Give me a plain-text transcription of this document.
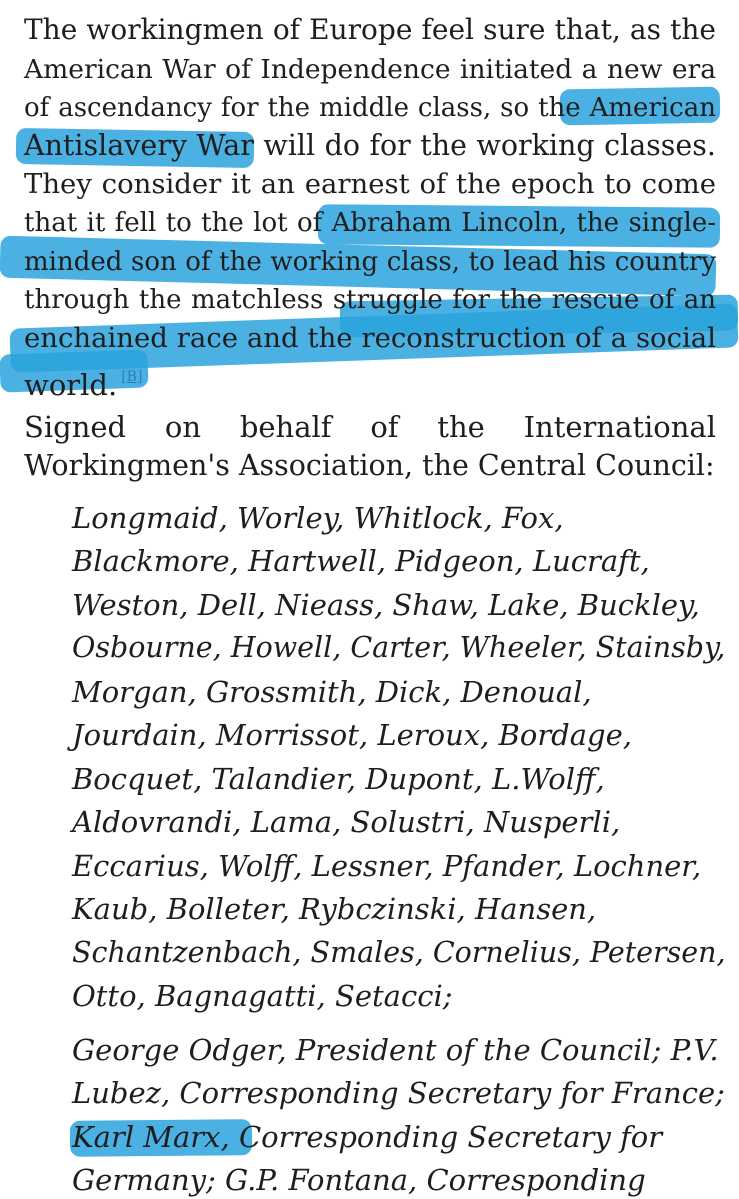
The workingmen of Europe feel sure that, as the
American War of Independence initiated a new era
of ascendancy for the middle class, so the American
Antislavery War will do for the working classes.
They consider it an earnest of the epoch to come
that it fell to the lot of Abraham Lincoln, the single-
minded son of the working class, to lead his country
through the matchless struggle for the rescue of an
enchained race and the reconstruction of a social
world. [B]
Signed on behalf of the International
Workingmen's Association, the Central Council:
Longmaid, Worley, Whitlock, Fox,
Blackmore, Hartwell, Pidgeon, Lucraft,
Weston, Dell, Nieass, Shaw, Lake, Buckley,
Osbourne, Howell, Carter, Wheeler, Stainsby,
Morgan, Grossmith, Dick, Denoual,
Jourdain, Morrissot, Leroux, Bordage,
Bocquet, Talandier, Dupont, L.Wolff,
Aldovrandi, Lama, Solustri, Nusperli,
Eccarius, Wolff, Lessner, Pfander, Lochner,
Kaub, Bolleter, Rybczinski, Hansen,
Schantzenbach, Smales, Cornelius, Petersen,
Otto, Bagnagatti, Setacci;
George Odger, President of the Council; P.V.
Lubez, Corresponding Secretary for France;
Karl Marx, Corresponding Secretary for
Germany; G.P. Fontana, Corresponding
